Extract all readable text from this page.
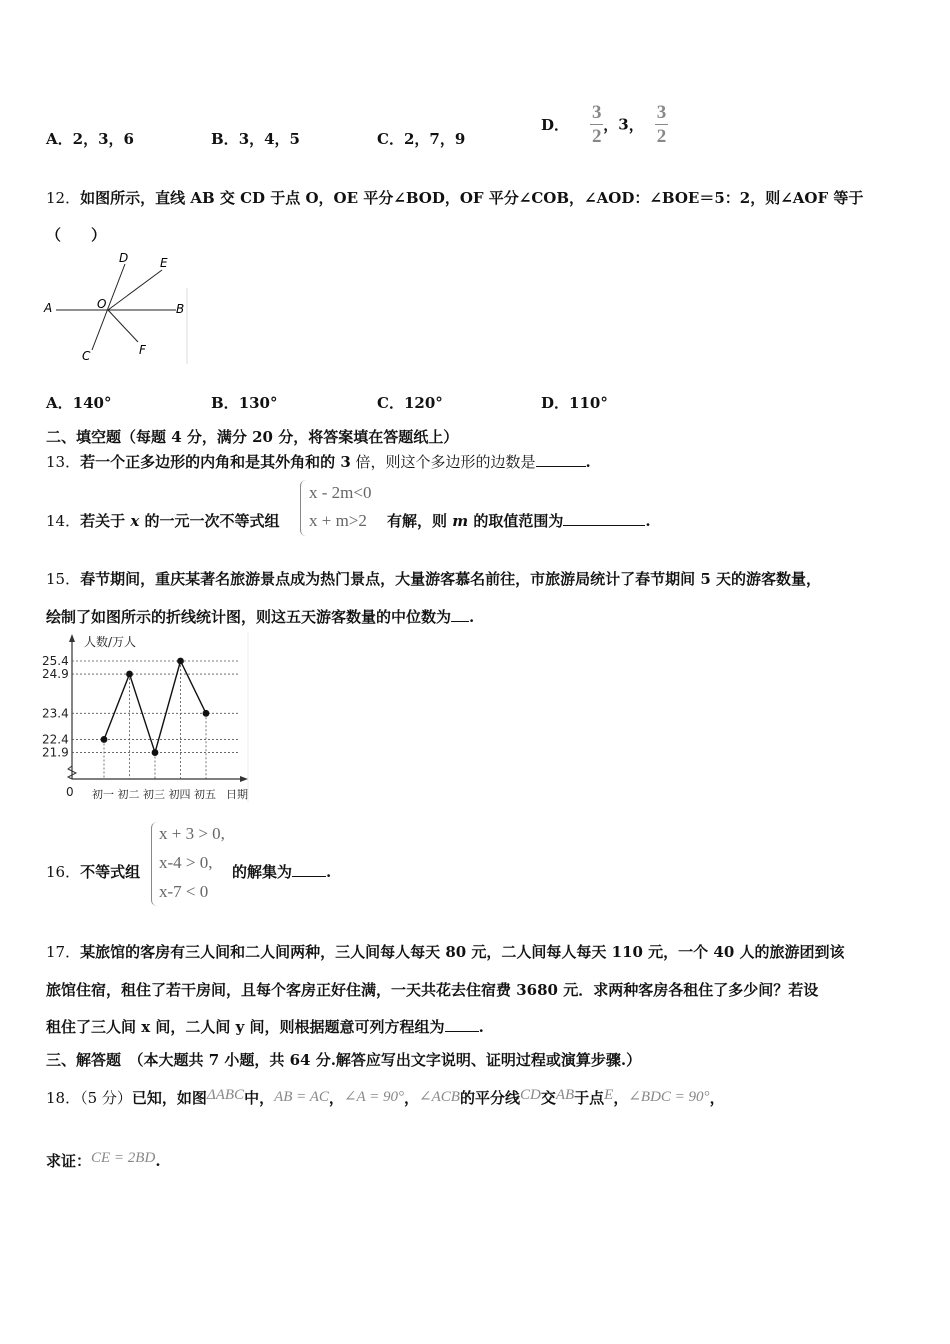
A．2，3，6	B．3，4，5	C．2，7，9
D． $\frac{3}{2}$ ，3， $\frac{3}{2}$
12．如图所示，直线 AB 交 CD 于点 O，OE 平分∠BOD，OF 平分∠COB，∠AOD：∠BOE＝5：2，则∠AOF 等于
（　　）
A	B
C
D	E
F
O
A．140°	B．130°	C．120°	D．110°
二、填空题（每题 4 分，满分 20 分，将答案填在答题纸上）
13．若一个正多边形的内角和是其外角和的 3 倍，则这个多边形的边数是	.
14．若关于 x 的一元一次不等式组
x - 2m<0
x + m>2 有解，则 m 的取值范围为	.
15．春节期间，重庆某著名旅游景点成为热门景点，大量游客慕名前往，市旅游局统计了春节期间 5 天的游客数量，
绘制了如图所示的折线统计图，则这五天游客数量的中位数为 .
人数/万人
日期
0
25.4
24.9
23.4
22.4
21.9
初一 初二 初三 初四 初五
16．不等式组
x + 3 > 0,
x-4 > 0,
x-7 < 0
的解集为 .
17．某旅馆的客房有三人间和二人间两种，三人间每人每天 80 元，二人间每人每天 110 元，一个 40 人的旅游团到该
旅馆住宿，租住了若干房间，且每个客房正好住满，一天共花去住宿费 3680 元．求两种客房各租住了多少间？若设
租住了三人间 x 间，二人间 y 间，则根据题意可列方程组为 .
三、解答题　（本大题共 7 小题，共 64 分.解答应写出文字说明、证明过程或演算步骤.）
18．（5 分）已知，如图ΔABC中，AB = AC，∠A = 90°，∠ACB的平分线CD交AB于点E，∠BDC = 90°，
求证：CE = 2BD.
